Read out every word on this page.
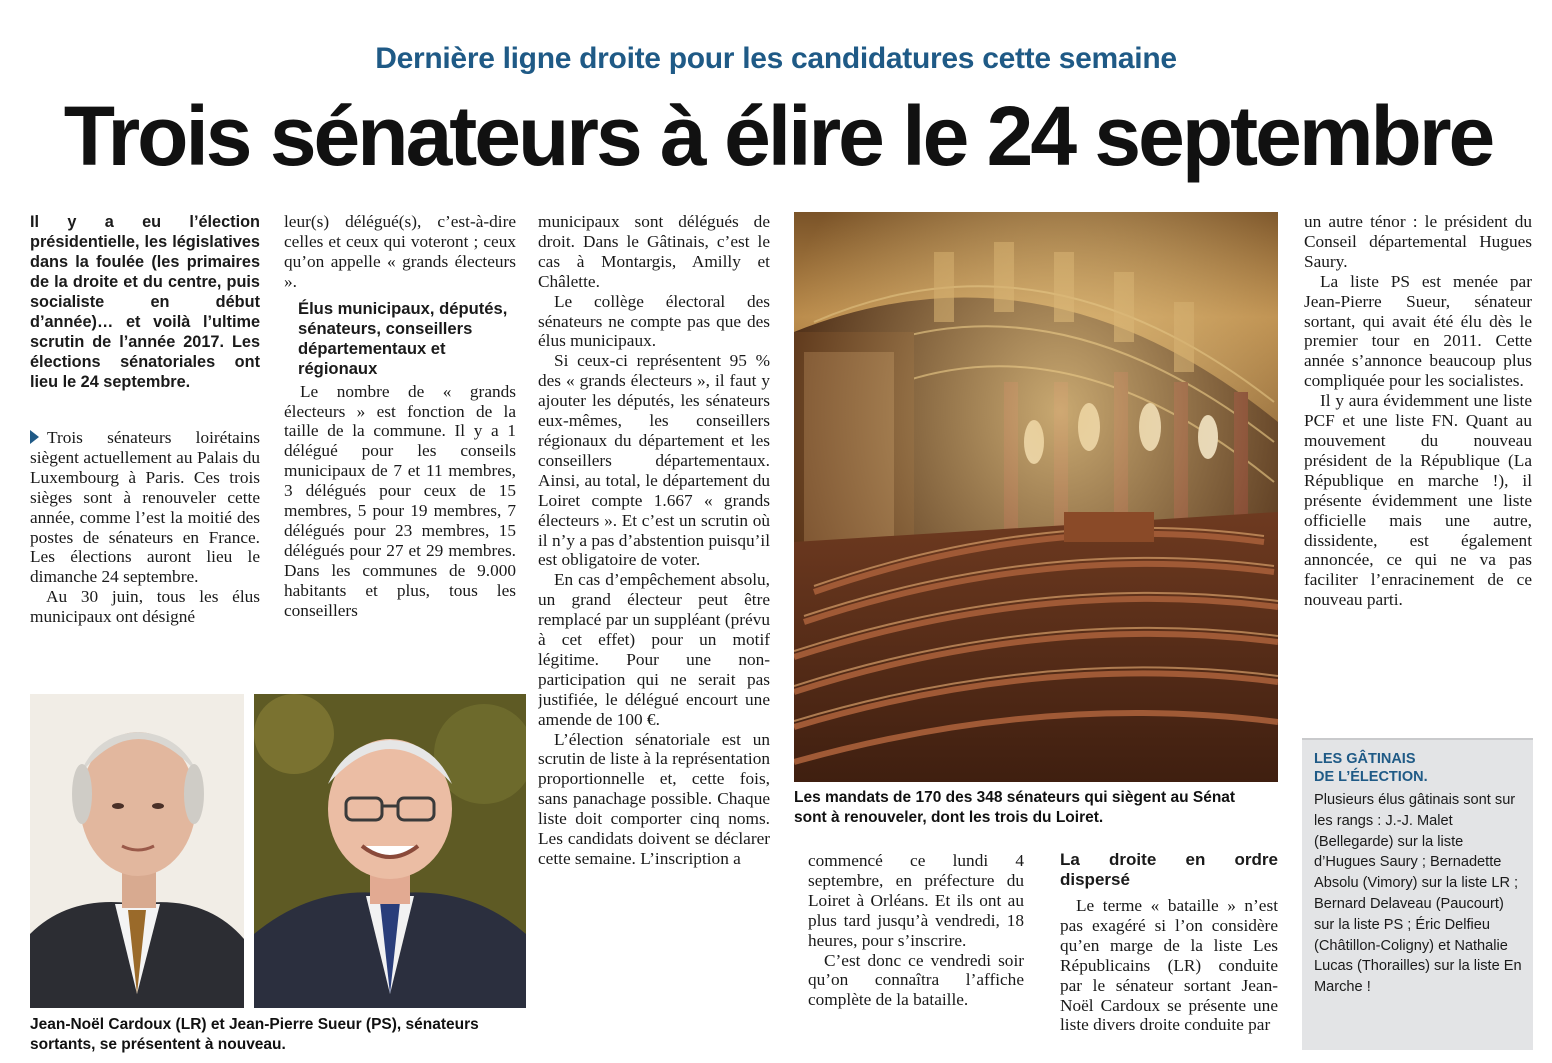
Dernière ligne droite pour les candidatures cette semaine
Trois sénateurs à élire le 24 septembre

Il y a eu l’élection présidentielle, les législatives dans la foulée (les primaires de la droite et du centre, puis socialiste en début d’année)… et voilà l’ultime scrutin de l’année 2017. Les élections sénatoriales ont lieu le 24 septembre.

Trois sénateurs loirétains siègent actuellement au Palais du Luxembourg à Paris. Ces trois sièges sont à renouveler cette année, comme l’est la moitié des postes de sénateurs en France. Les élections auront lieu le dimanche 24 septembre.

Au 30 juin, tous les élus municipaux ont désigné

leur(s) délégué(s), c’est-à-dire celles et ceux qui voteront ; ceux qu’on appelle « grands électeurs ».

Élus municipaux, députés, sénateurs, conseillers départementaux et régionaux

Le nombre de « grands électeurs » est fonction de la taille de la commune. Il y a 1 délégué pour les conseils municipaux de 7 et 11 membres, 3 délégués pour ceux de 15 membres, 5 pour 19 membres, 7 délégués pour 23 membres, 15 délégués pour 27 et 29 membres. Dans les communes de 9.000 habitants et plus, tous les conseillers

municipaux sont délégués de droit. Dans le Gâtinais, c’est le cas à Montargis, Amilly et Châlette.

Le collège électoral des sénateurs ne compte pas que des élus municipaux.

Si ceux-ci représentent 95 % des « grands électeurs », il faut y ajouter les députés, les sénateurs eux-mêmes, les conseillers régionaux du département et les conseillers départementaux. Ainsi, au total, le département du Loiret compte 1.667 « grands électeurs ». Et c’est un scrutin où il n’y a pas d’abstention puisqu’il est obligatoire de voter.

En cas d’empêchement absolu, un grand électeur peut être remplacé par un suppléant (prévu à cet effet) pour un motif légitime. Pour une non-participation qui ne serait pas justifiée, le délégué encourt une amende de 100 €.

L’élection sénatoriale est un scrutin de liste à la représentation proportionnelle et, cette fois, sans panachage possible. Chaque liste doit comporter cinq noms. Les candidats doivent se déclarer cette semaine. L’inscription a

Les mandats de 170 des 348 sénateurs qui siègent au Sénat sont à renouveler, dont les trois du Loiret.

commencé ce lundi 4 septembre, en préfecture du Loiret à Orléans. Et ils ont au plus tard jusqu’à vendredi, 18 heures, pour s’inscrire.

C’est donc ce vendredi soir qu’on connaîtra l’affiche complète de la bataille.

La droite en ordre dispersé

Le terme « bataille » n’est pas exagéré si l’on considère qu’en marge de la liste Les Républicains (LR) conduite par le sénateur sortant Jean-Noël Cardoux se présente une liste divers droite conduite par

un autre ténor : le président du Conseil départemental Hugues Saury.

La liste PS est menée par Jean-Pierre Sueur, sénateur sortant, qui avait été élu dès le premier tour en 2011. Cette année s’annonce beaucoup plus compliquée pour les socialistes.

Il y aura évidemment une liste PCF et une liste FN. Quant au mouvement du nouveau président de la République (La République en marche !), il présente évidemment une liste officielle mais une autre, dissidente, est également annoncée, ce qui ne va pas faciliter l’enracinement de ce nouveau parti.

LES GÂTINAIS
DE L’ÉLECTION.
Plusieurs élus gâtinais sont sur les rangs : J.-J. Malet (Bellegarde) sur la liste d’Hugues Saury ; Bernadette Absolu (Vimory) sur la liste LR ; Bernard Delaveau (Paucourt) sur la liste PS ; Éric Delfieu (Châtillon-Coligny) et Nathalie Lucas (Thorailles) sur la liste En Marche !
Jean-Noël Cardoux (LR) et Jean-Pierre Sueur (PS), sénateurs sortants, se présentent à nouveau.
